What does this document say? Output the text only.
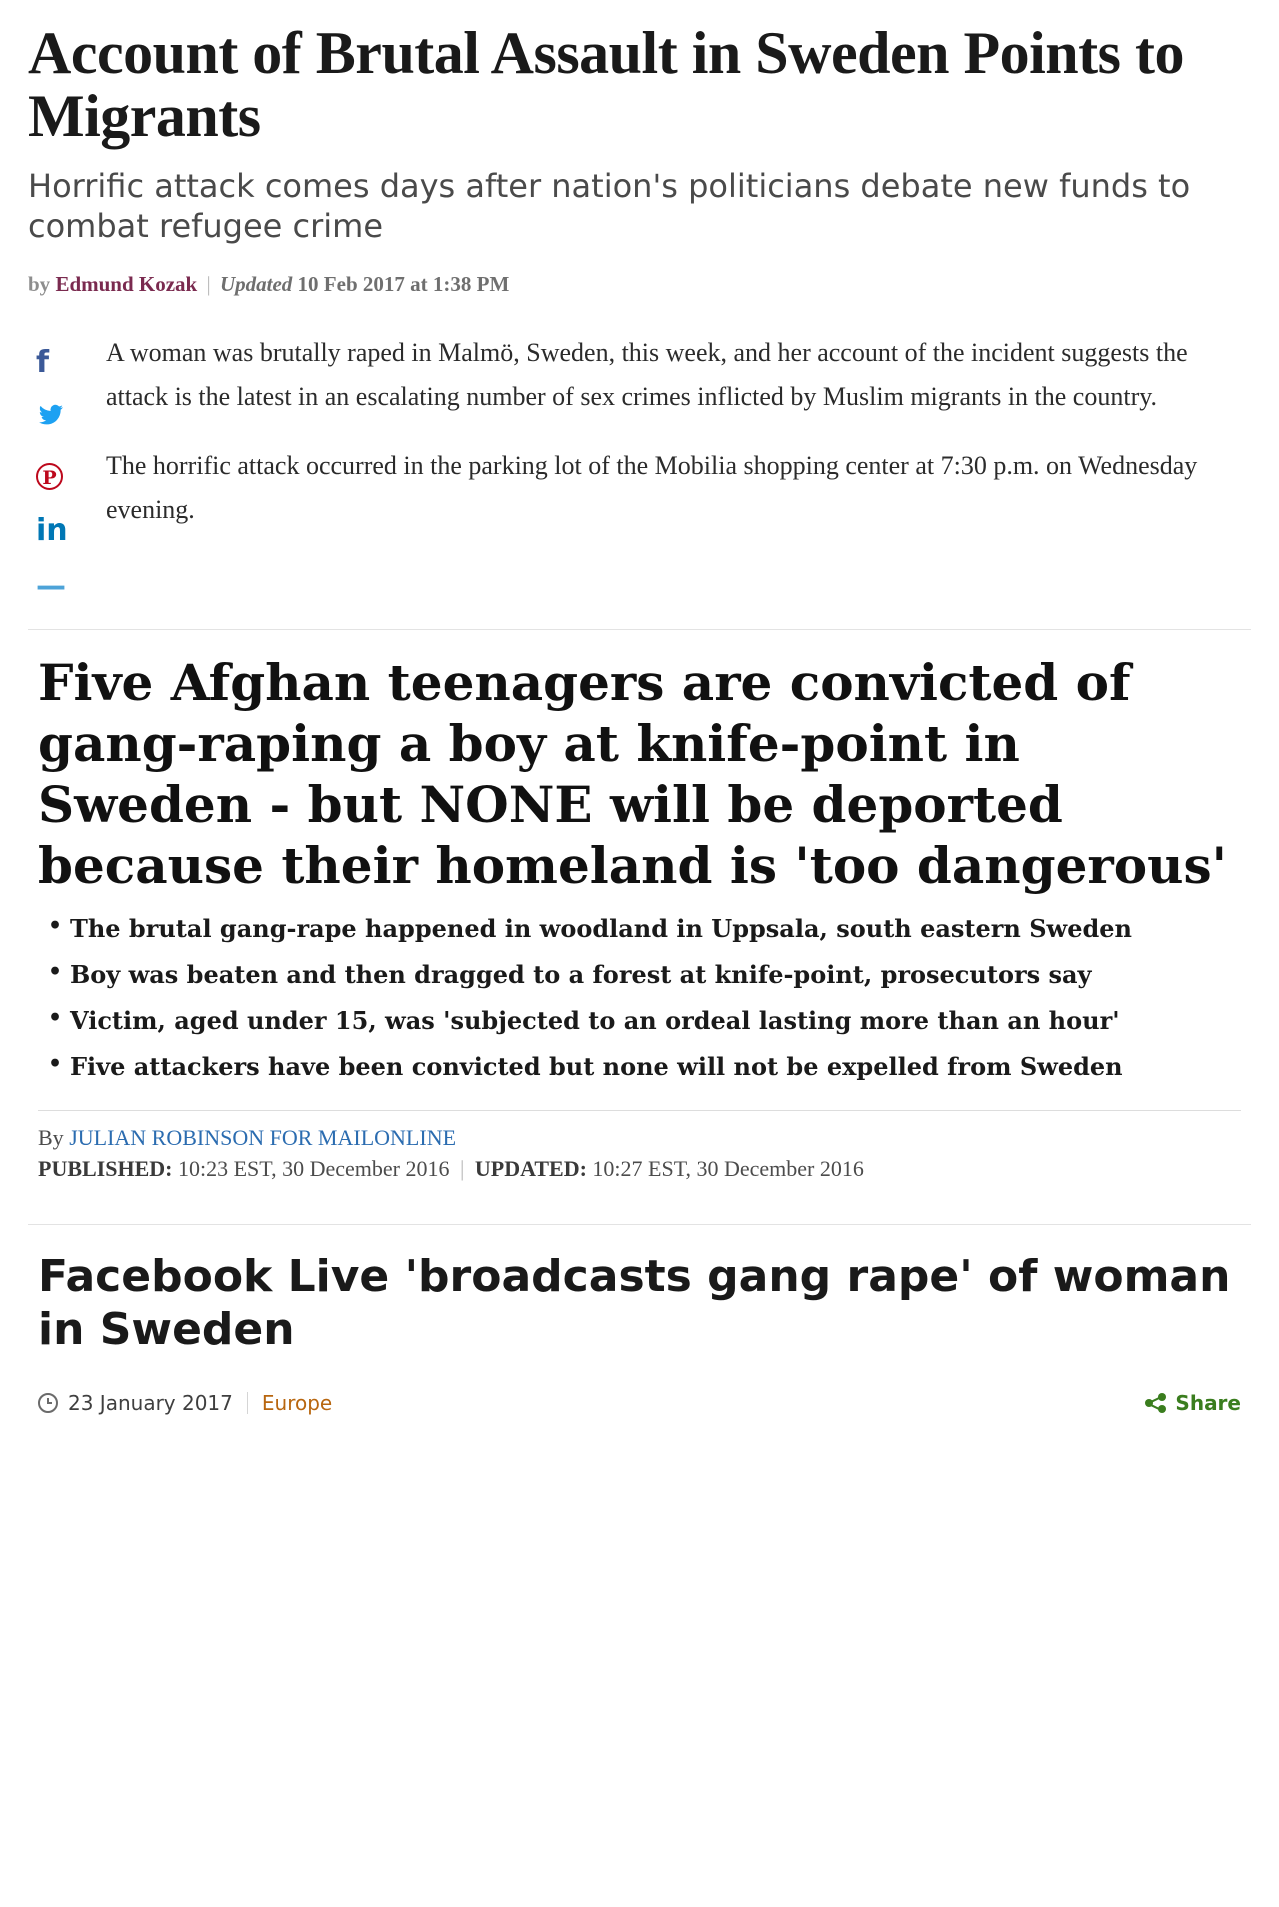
Account of Brutal Assault in Sweden Points to Migrants
Horrific attack comes days after nation's politicians debate new funds to combat refugee crime
by Edmund Kozak | Updated 10 Feb 2017 at 1:38 PM
f
P
in
—

A woman was brutally raped in Malmö, Sweden, this week, and her account of the incident suggests the attack is the latest in an escalating number of sex crimes inflicted by Muslim migrants in the country.

The horrific attack occurred in the parking lot of the Mobilia shopping center at 7:30 p.m. on Wednesday evening.

Five Afghan teenagers are convicted of gang-raping a boy at knife-point in Sweden - but NONE will be deported because their homeland is 'too dangerous'
• The brutal gang-rape happened in woodland in Uppsala, south eastern Sweden
• Boy was beaten and then dragged to a forest at knife-point, prosecutors say
• Victim, aged under 15, was 'subjected to an ordeal lasting more than an hour'
• Five attackers have been convicted but none will not be expelled from Sweden
By JULIAN ROBINSON FOR MAILONLINE
PUBLISHED: 10:23 EST, 30 December 2016 | UPDATED: 10:27 EST, 30 December 2016
Facebook Live 'broadcasts gang rape' of woman in Sweden
23 January 2017 Europe	Share
